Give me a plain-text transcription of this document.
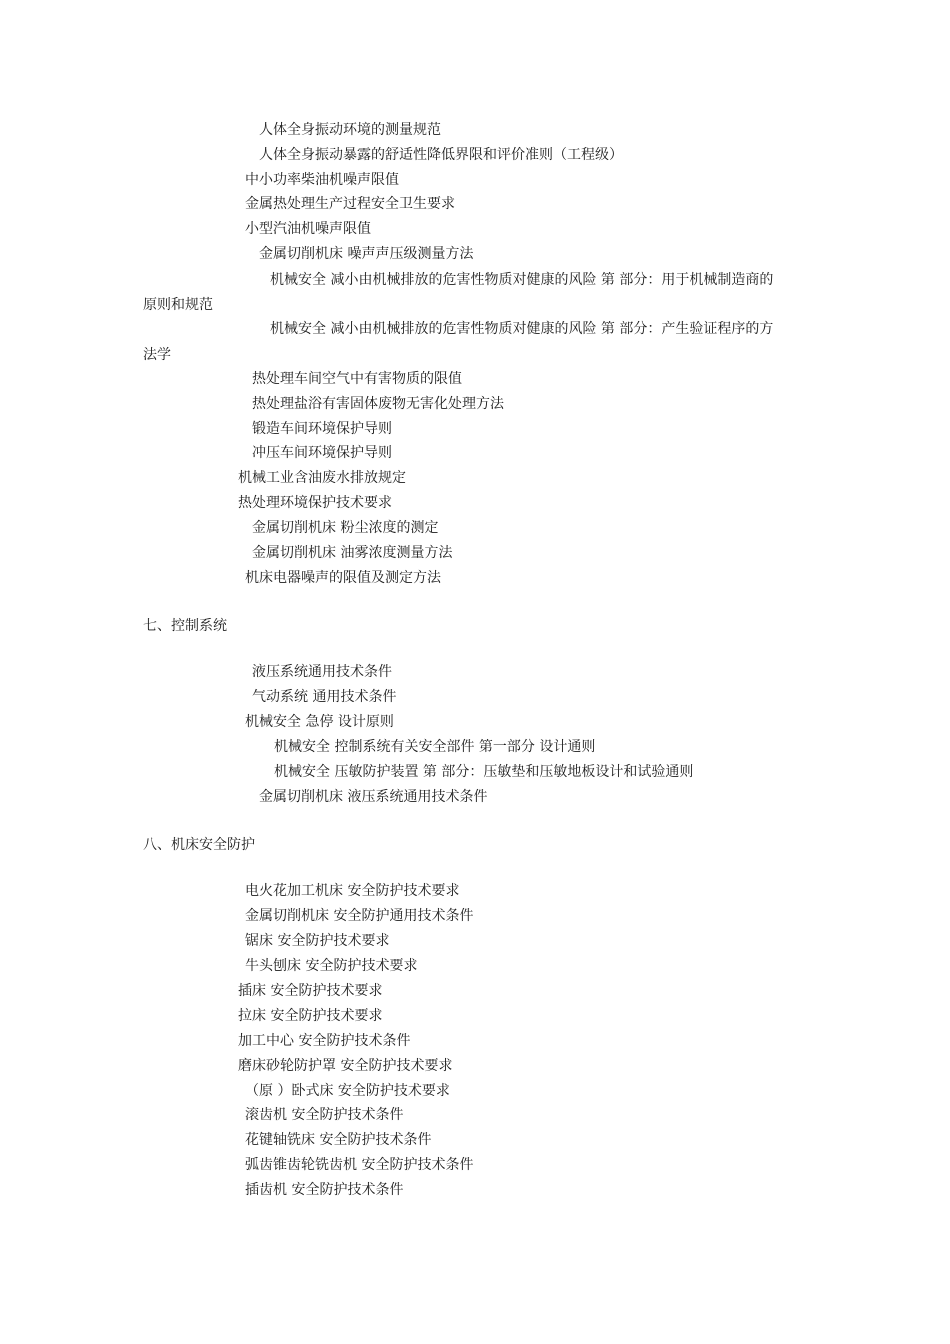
人体全身振动环境的测量规范
人体全身振动暴露的舒适性降低界限和评价准则（工程级）
中小功率柴油机噪声限值
金属热处理生产过程安全卫生要求
小型汽油机噪声限值
金属切削机床 噪声声压级测量方法
机械安全 减小由机械排放的危害性物质对健康的风险 第 部分：用于机械制造商的
原则和规范
机械安全 减小由机械排放的危害性物质对健康的风险 第 部分：产生验证程序的方
法学
热处理车间空气中有害物质的限值
热处理盐浴有害固体废物无害化处理方法
锻造车间环境保护导则
冲压车间环境保护导则
机械工业含油废水排放规定
热处理环境保护技术要求
金属切削机床 粉尘浓度的测定
金属切削机床 油雾浓度测量方法
机床电器噪声的限值及测定方法
七、控制系统
液压系统通用技术条件
气动系统 通用技术条件
机械安全 急停 设计原则
机械安全 控制系统有关安全部件 第一部分 设计通则
机械安全 压敏防护装置 第 部分：压敏垫和压敏地板设计和试验通则
金属切削机床 液压系统通用技术条件
八、机床安全防护
电火花加工机床 安全防护技术要求
金属切削机床 安全防护通用技术条件
锯床 安全防护技术要求
牛头刨床 安全防护技术要求
插床 安全防护技术要求
拉床 安全防护技术要求
加工中心 安全防护技术条件
磨床砂轮防护罩 安全防护技术要求
（原 ）卧式床 安全防护技术要求
滚齿机 安全防护技术条件
花键轴铣床 安全防护技术条件
弧齿锥齿轮铣齿机 安全防护技术条件
插齿机 安全防护技术条件
